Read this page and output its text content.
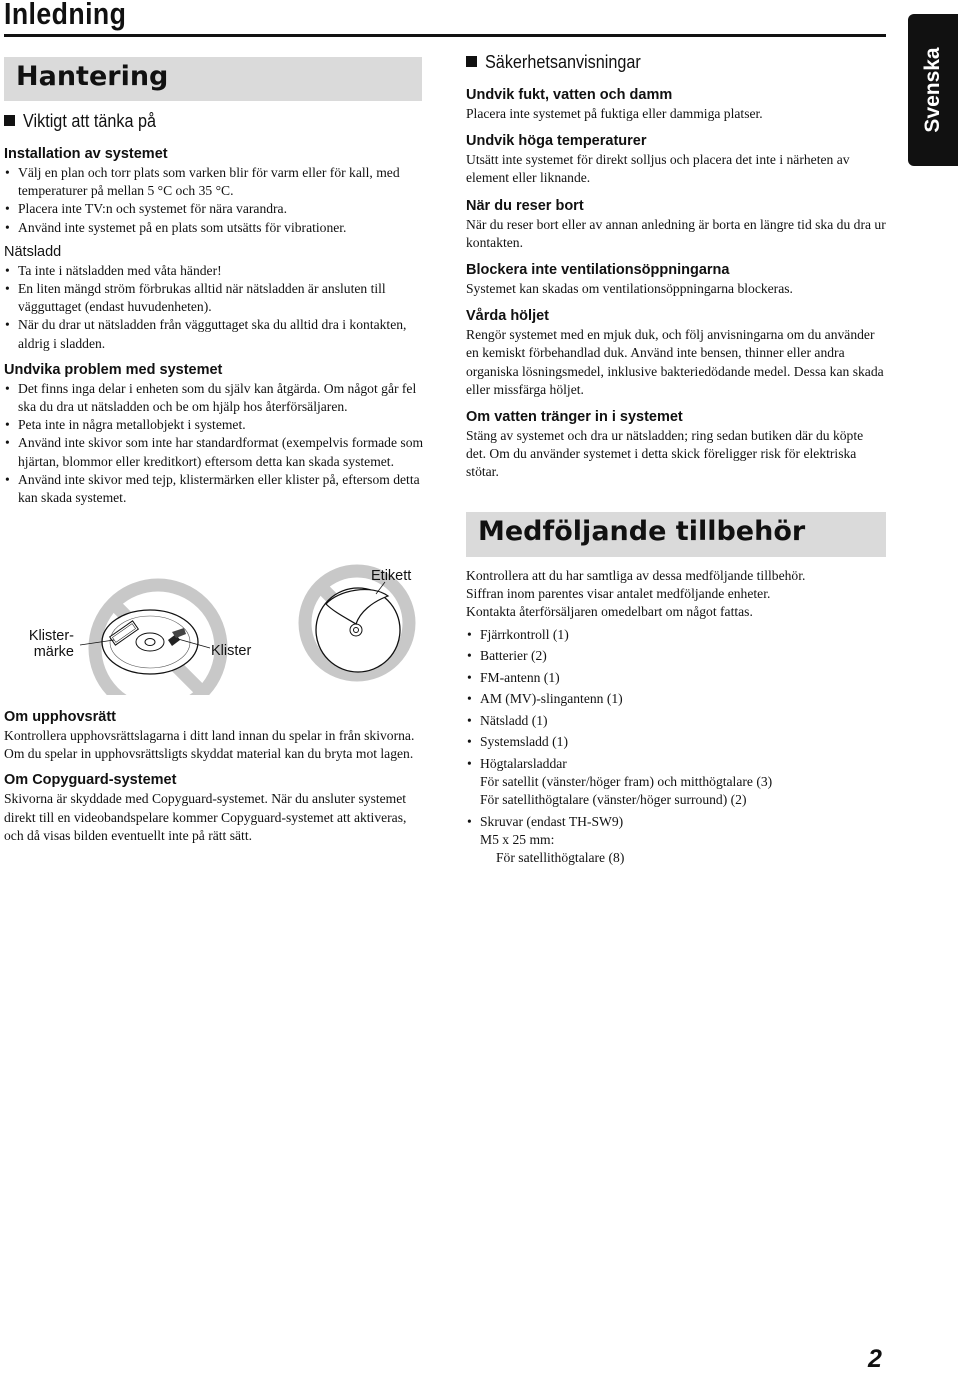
Inledning
Svenska
Hantering
Viktigt att tänka på
Installation av systemet
• Välj en plan och torr plats som varken blir för varm eller för kall, med temperaturer på mellan 5 °C och 35 °C.
• Placera inte TV:n och systemet för nära varandra.
• Använd inte systemet på en plats som utsätts för vibrationer.
Nätsladd
• Ta inte i nätsladden med våta händer!
• En liten mängd ström förbrukas alltid när nätsladden är ansluten till vägguttaget (endast huvudenheten).
• När du drar ut nätsladden från vägguttaget ska du alltid dra i kontakten, aldrig i sladden.
Undvika problem med systemet
• Det finns inga delar i enheten som du själv kan åtgärda. Om något går fel ska du dra ut nätsladden och be om hjälp hos återförsäljaren.
• Peta inte in några metallobjekt i systemet.
• Använd inte skivor som inte har standardformat (exempelvis formade som hjärtan, blommor eller kreditkort) eftersom detta kan skada systemet.
• Använd inte skivor med tejp, klistermärken eller klister på, eftersom detta kan skada systemet.
Klister-
märke	Klister
Etikett
Om upphovsrätt

Kontrollera upphovsrättslagarna i ditt land innan du spelar in från skivorna. Om du spelar in upphovsrättsligts skyddat material kan du bryta mot lagen.

Om Copyguard-systemet

Skivorna är skyddade med Copyguard-systemet. När du ansluter systemet direkt till en videobandspelare kommer Copyguard-systemet att aktiveras, och då visas bilden eventuellt inte på rätt sätt.

Säkerhetsanvisningar
Undvik fukt, vatten och damm

Placera inte systemet på fuktiga eller dammiga platser.

Undvik höga temperaturer

Utsätt inte systemet för direkt solljus och placera det inte i närheten av element eller liknande.

När du reser bort

När du reser bort eller av annan anledning är borta en längre tid ska du dra ur kontakten.

Blockera inte ventilationsöppningarna

Systemet kan skadas om ventilationsöppningarna blockeras.

Vårda höljet

Rengör systemet med en mjuk duk, och följ anvisningarna om du använder en kemiskt förbehandlad duk. Använd inte bensen, thinner eller andra organiska lösningsmedel, inklusive bakteriedödande medel. Dessa kan skada eller missfärga höljet.

Om vatten tränger in i systemet

Stäng av systemet och dra ur nätsladden; ring sedan butiken där du köpte det. Om du använder systemet i detta skick föreligger risk för elektriska stötar.

Medföljande tillbehör

Kontrollera att du har samtliga av dessa medföljande tillbehör.

Siffran inom parentes visar antalet medföljande enheter.

Kontakta återförsäljaren omedelbart om något fattas.

• Fjärrkontroll (1)
• Batterier (2)
• FM-antenn (1)
• AM (MV)-slingantenn (1)
• Nätsladd (1)
• Systemsladd (1)
• Högtalarsladdar
För satellit (vänster/höger fram) och mitthögtalare (3)
För satellithögtalare (vänster/höger surround) (2)
• Skruvar (endast TH-SW9)
M5 x 25 mm:
För satellithögtalare (8)
2
